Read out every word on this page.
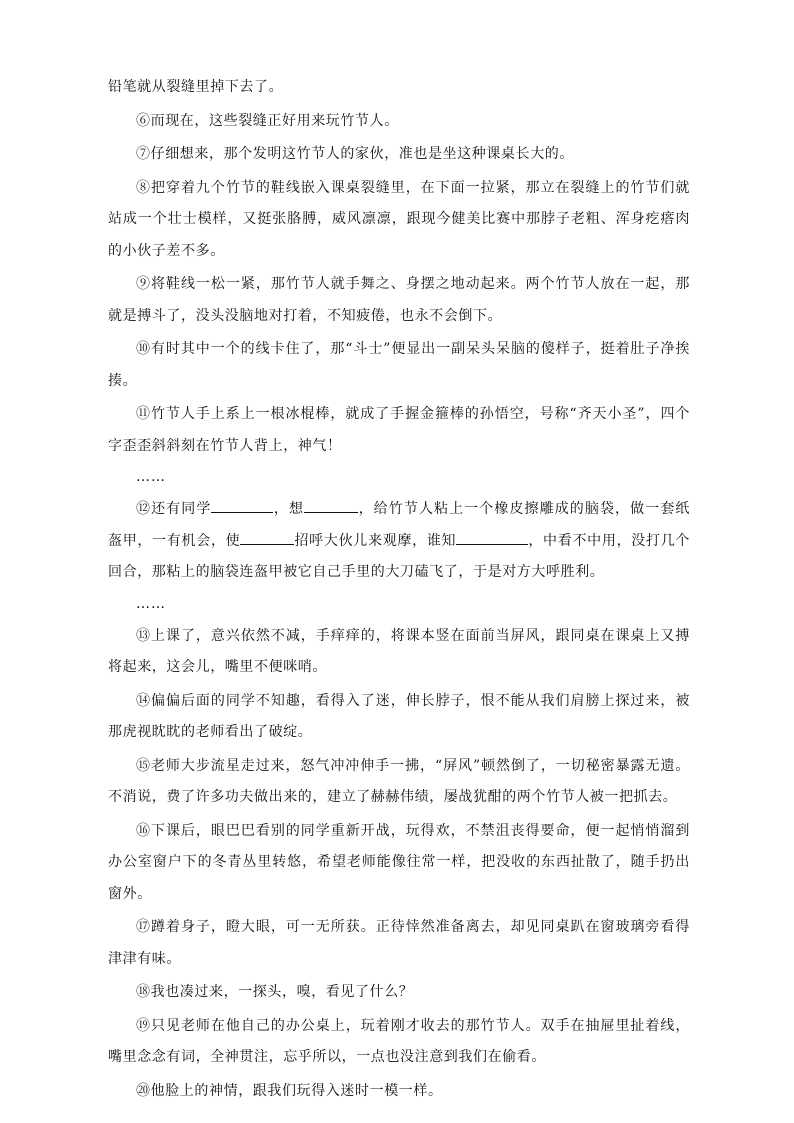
铅笔就从裂缝里掉下去了。

⑥而现在，这些裂缝正好用来玩竹节人。

⑦仔细想来，那个发明这竹节人的家伙，准也是坐这种课桌长大的。

⑧把穿着九个竹节的鞋线嵌入课桌裂缝里，在下面一拉紧，那立在裂缝上的竹节们就站成一个壮士模样，又挺张胳膊，威风凛凛，跟现今健美比赛中那脖子老粗、浑身疙瘩肉的小伙子差不多。

⑨将鞋线一松一紧，那竹节人就手舞之、身摆之地动起来。两个竹节人放在一起，那就是搏斗了，没头没脑地对打着，不知疲倦，也永不会倒下。

⑩有时其中一个的线卡住了，那“斗士”便显出一副呆头呆脑的傻样子，挺着肚子净挨揍。

⑪竹节人手上系上一根冰棍棒，就成了手握金箍棒的孙悟空，号称“齐天小圣”，四个字歪歪斜斜刻在竹节人背上，神气！

……

⑫还有同学	，想	，给竹节人粘上一个橡皮擦雕成的脑袋，做一套纸盔甲，一有机会，使	招呼大伙儿来观摩，谁知	，中看不中用，没打几个回合，那粘上的脑袋连盔甲被它自己手里的大刀磕飞了，于是对方大呼胜利。

……

⑬上课了，意兴依然不减，手痒痒的，将课本竖在面前当屏风，跟同桌在课桌上又搏将起来，这会儿，嘴里不便咪哨。

⑭偏偏后面的同学不知趣，看得入了迷，伸长脖子，恨不能从我们肩膀上探过来，被那虎视眈眈的老师看出了破绽。

⑮老师大步流星走过来，怒气冲冲伸手一拂，“屏风”顿然倒了，一切秘密暴露无遗。不消说，费了许多功夫做出来的，建立了赫赫伟绩，屡战犹酣的两个竹节人被一把抓去。

⑯下课后，眼巴巴看别的同学重新开战，玩得欢，不禁沮丧得要命，便一起悄悄溜到办公室窗户下的冬青丛里转悠，希望老师能像往常一样，把没收的东西扯散了，随手扔出窗外。

⑰蹲着身子，瞪大眼，可一无所获。正待悻然准备离去，却见同桌趴在窗玻璃旁看得津津有味。

⑱我也凑过来，一探头，嗅，看见了什么？

⑲只见老师在他自己的办公桌上，玩着刚才收去的那竹节人。双手在抽屉里扯着线，嘴里念念有词，全神贯注，忘乎所以，一点也没注意到我们在偷看。

⑳他脸上的神情，跟我们玩得入迷时一模一样。
